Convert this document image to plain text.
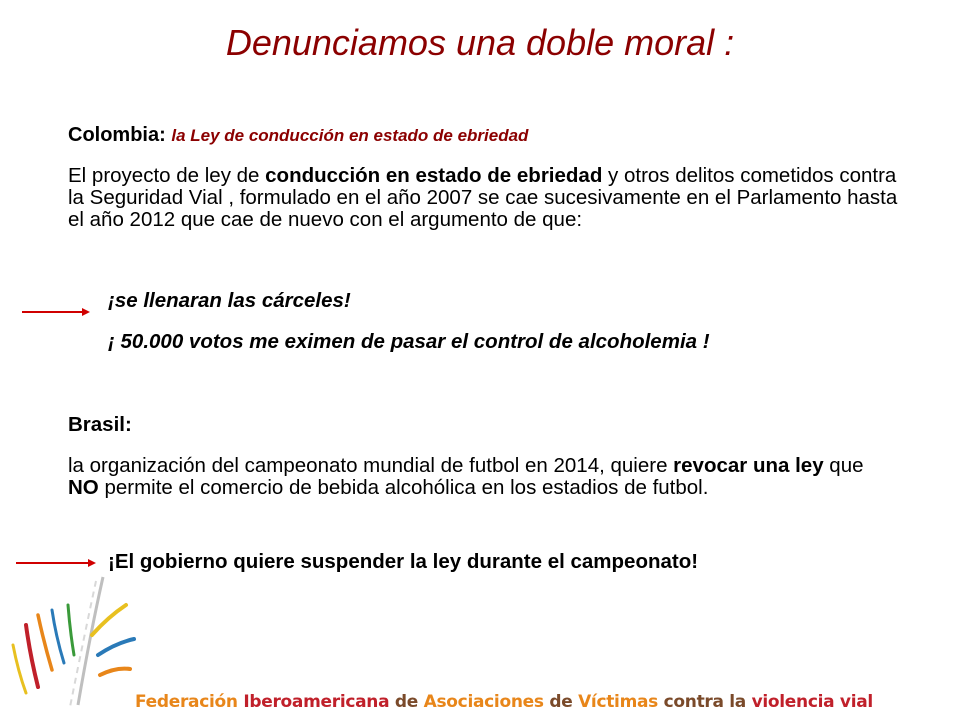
Denunciamos una doble moral :
Colombia: la Ley de conducción en estado de ebriedad
El proyecto de ley de conducción en estado de ebriedad y otros delitos cometidos contra la Seguridad Vial , formulado en el año 2007 se cae sucesivamente en el Parlamento hasta el año 2012 que cae de nuevo con el argumento de que:
¡se llenaran las cárceles!
¡ 50.000 votos me eximen de pasar el control de alcoholemia !
Brasil:
la organización del campeonato mundial de futbol en 2014, quiere revocar una ley que NO permite el comercio de bebida alcohólica en los estadios de futbol.
¡El gobierno quiere suspender la ley durante el campeonato!
Federación Iberoamericana de Asociaciones de Víctimas contra la violencia vial
